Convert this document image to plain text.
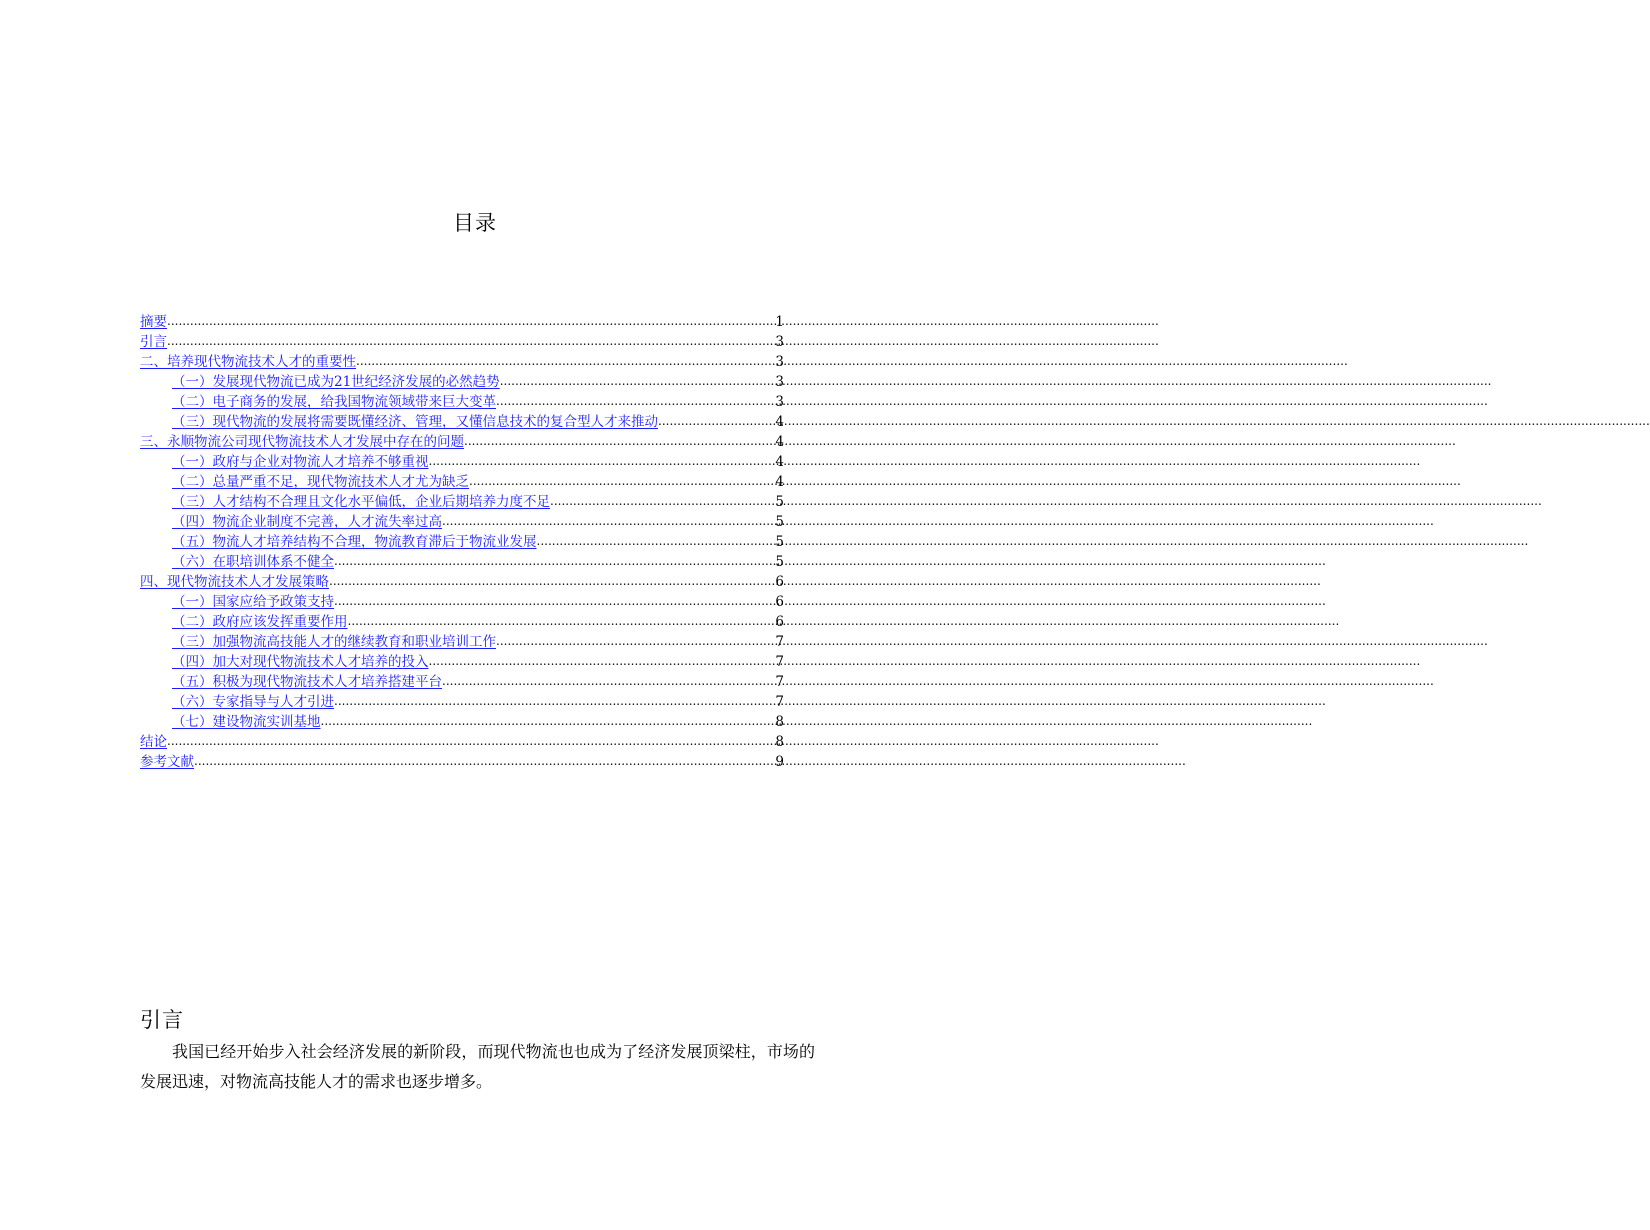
目录
摘要 .....	1
引言 .....	3
二、培养现代物流技术人才的重要性 .....	3
（一）发展现代物流已成为21世纪经济发展的必然趋势 .....	3
（二）电子商务的发展，给我国物流领域带来巨大变革 .....	3
（三）现代物流的发展将需要既懂经济、管理，又懂信息技术的复合型人才来推动 .....	4
三、永顺物流公司现代物流技术人才发展中存在的问题 .....	4
（一）政府与企业对物流人才培养不够重视 .....	4
（二）总量严重不足，现代物流技术人才尤为缺乏 .....	4
（三）人才结构不合理且文化水平偏低，企业后期培养力度不足 .....	5
（四）物流企业制度不完善，人才流失率过高 .....	5
（五）物流人才培养结构不合理，物流教育滞后于物流业发展 .....	5
（六）在职培训体系不健全 .....	5
四、现代物流技术人才发展策略 .....	6
（一）国家应给予政策支持 .....	6
（二）政府应该发挥重要作用 .....	6
（三）加强物流高技能人才的继续教育和职业培训工作 .....	7
（四）加大对现代物流技术人才培养的投入 .....	7
（五）积极为现代物流技术人才培养搭建平台 .....	7
（六）专家指导与人才引进 .....	7
（七）建设物流实训基地 .....	8
结论 .....	8
参考文献 .....	9
引言

我国已经开始步入社会经济发展的新阶段，而现代物流也也成为了经济发展顶梁柱，市场的发展迅速，对物流高技能人才的需求也逐步增多。
